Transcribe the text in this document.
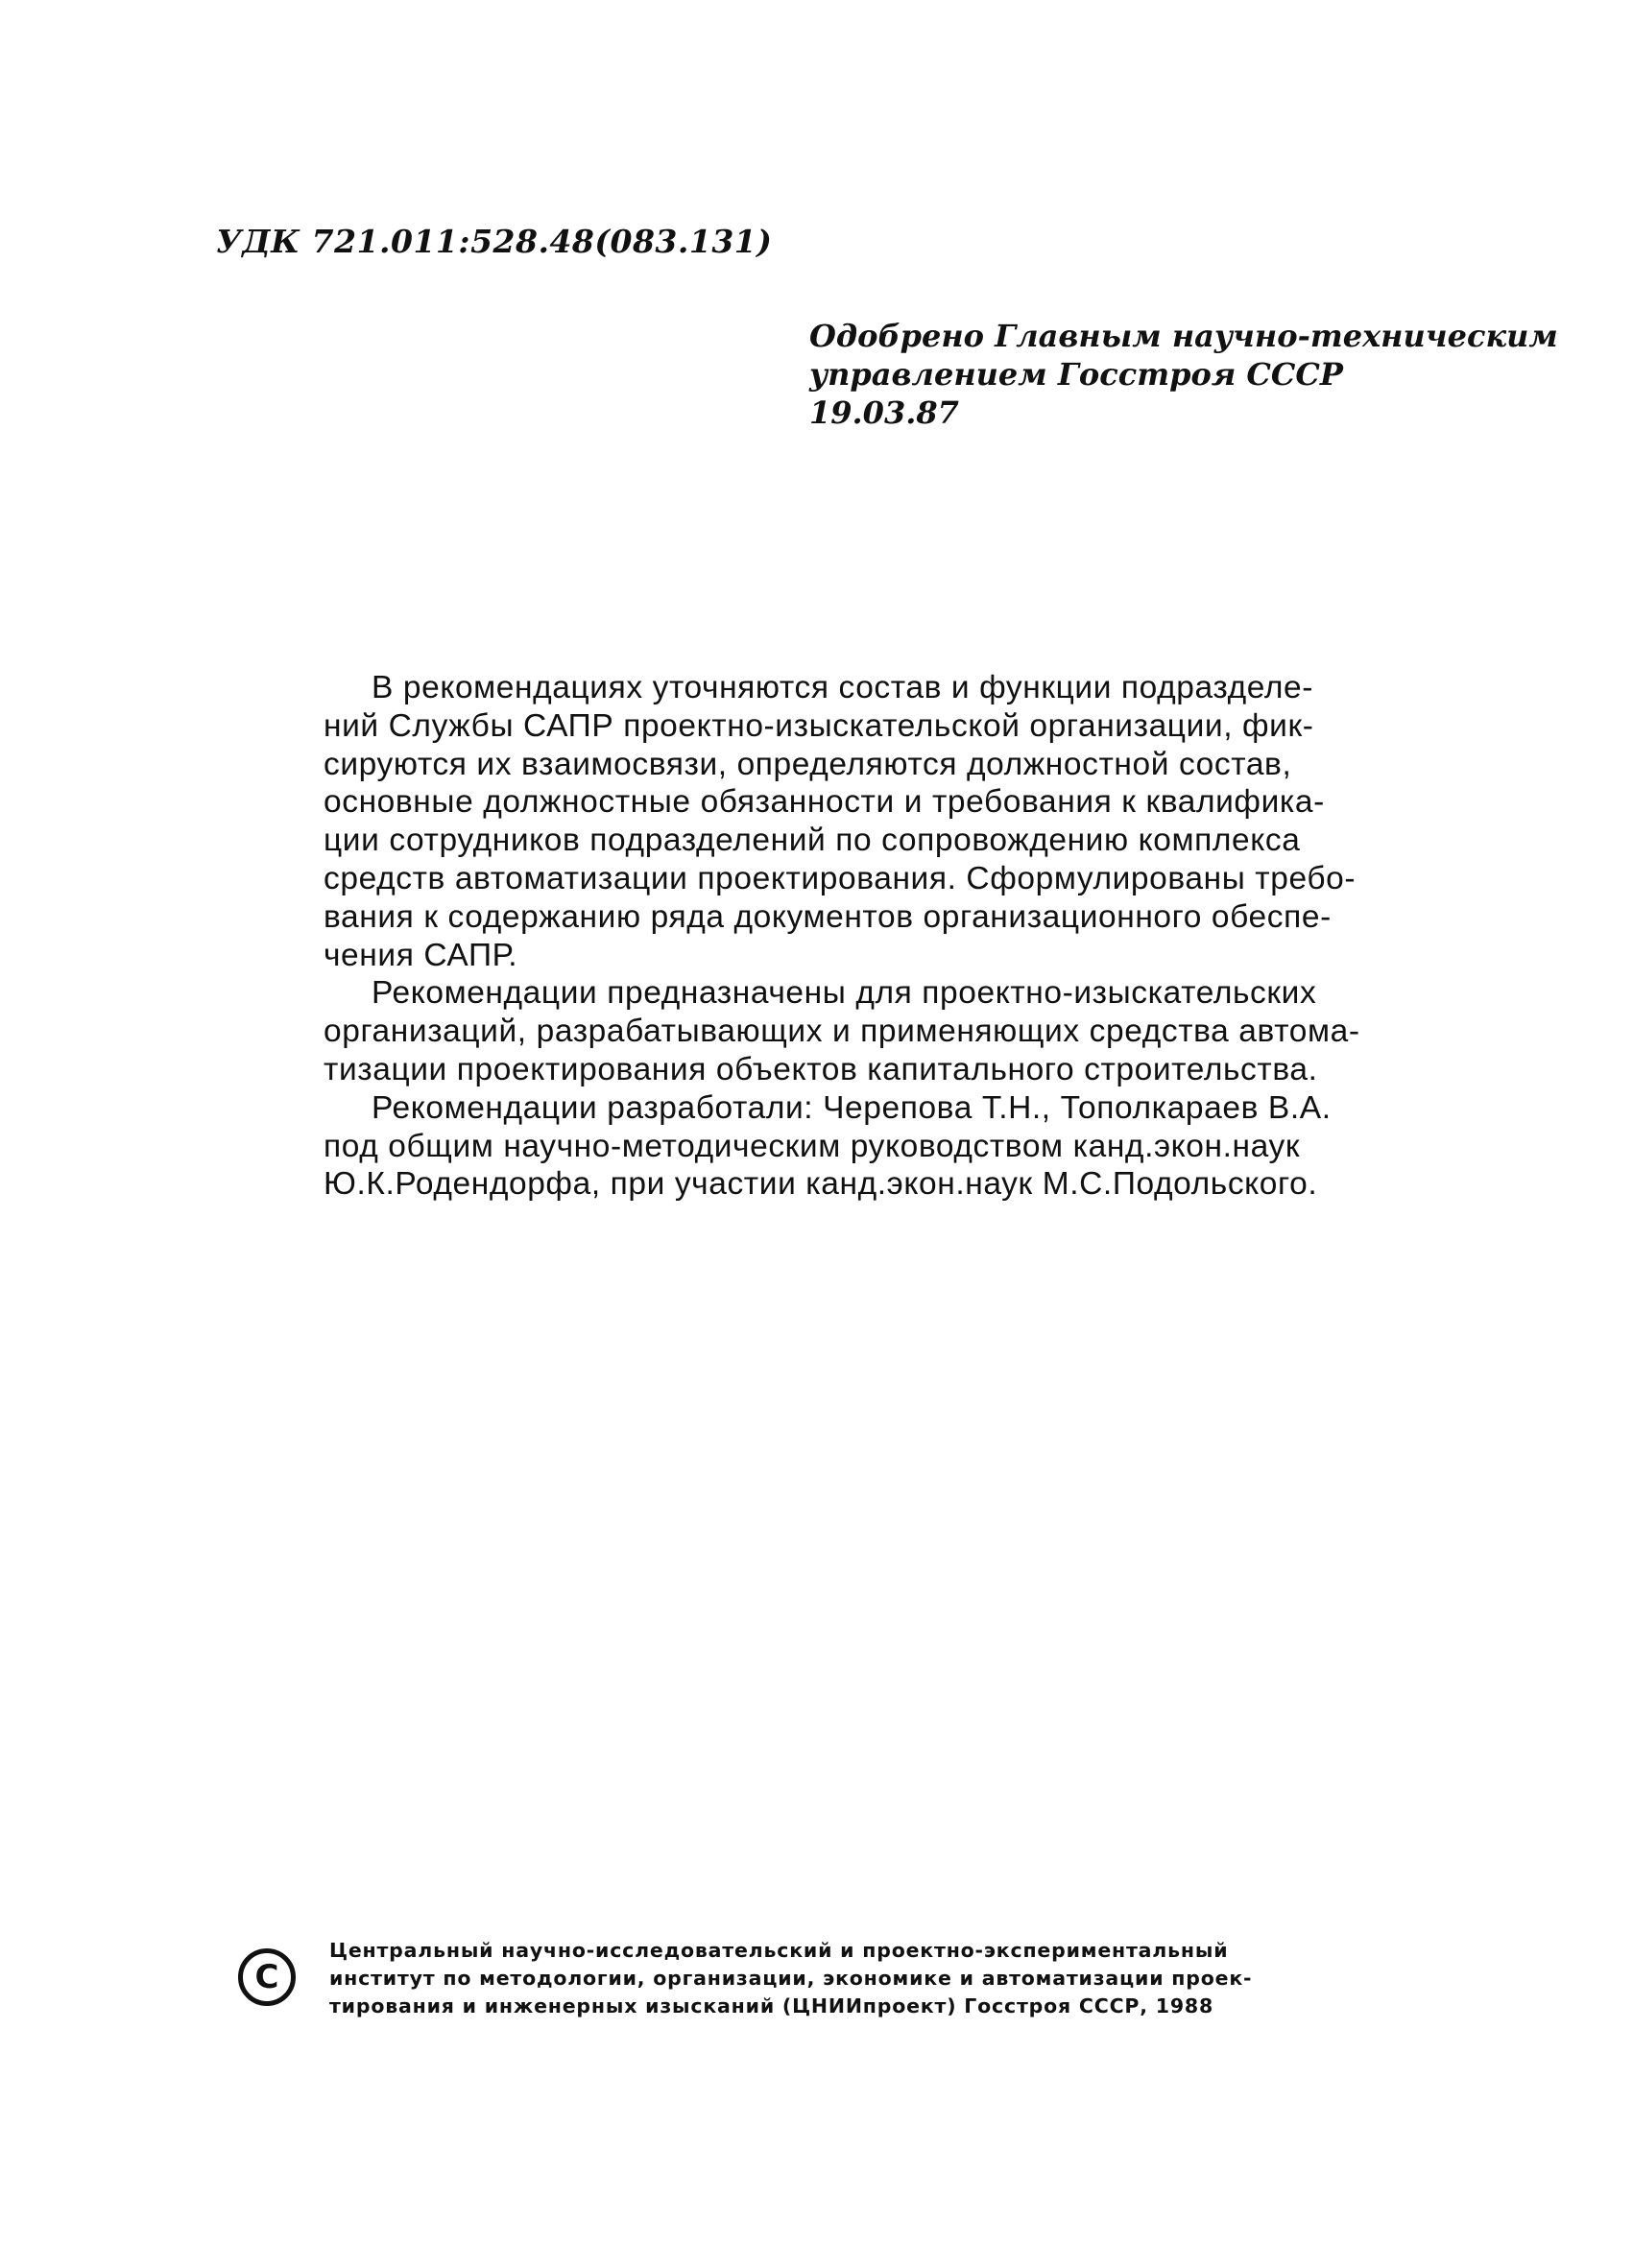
УДК 721.011:528.48(083.131)
Одобрено Главным научно-техническим
управлением Госстроя СССР
19.03.87
В рекомендациях уточняются состав и функции подразделе-
ний Службы САПР проектно-изыскательской организации, фик-
сируются их взаимосвязи, определяются должностной состав,
основные должностные обязанности и требования к квалифика-
ции сотрудников подразделений по сопровождению комплекса
средств автоматизации проектирования. Сформулированы требо-
вания к содержанию ряда документов организационного обеспе-
чения САПР.
Рекомендации предназначены для проектно-изыскательских
организаций, разрабатывающих и применяющих средства автома-
тизации проектирования объектов капитального строительства.
Рекомендации разработали: Черепова Т.Н., Тополкараев В.А.
под общим научно-методическим руководством канд.экон.наук
Ю.К.Родендорфа, при участии канд.экон.наук М.С.Подольского.
C
Центральный научно-исследовательский и проектно-экспериментальный
институт по методологии, организации, экономике и автоматизации проек-
тирования и инженерных изысканий (ЦНИИпроект) Госстроя СССР, 1988
